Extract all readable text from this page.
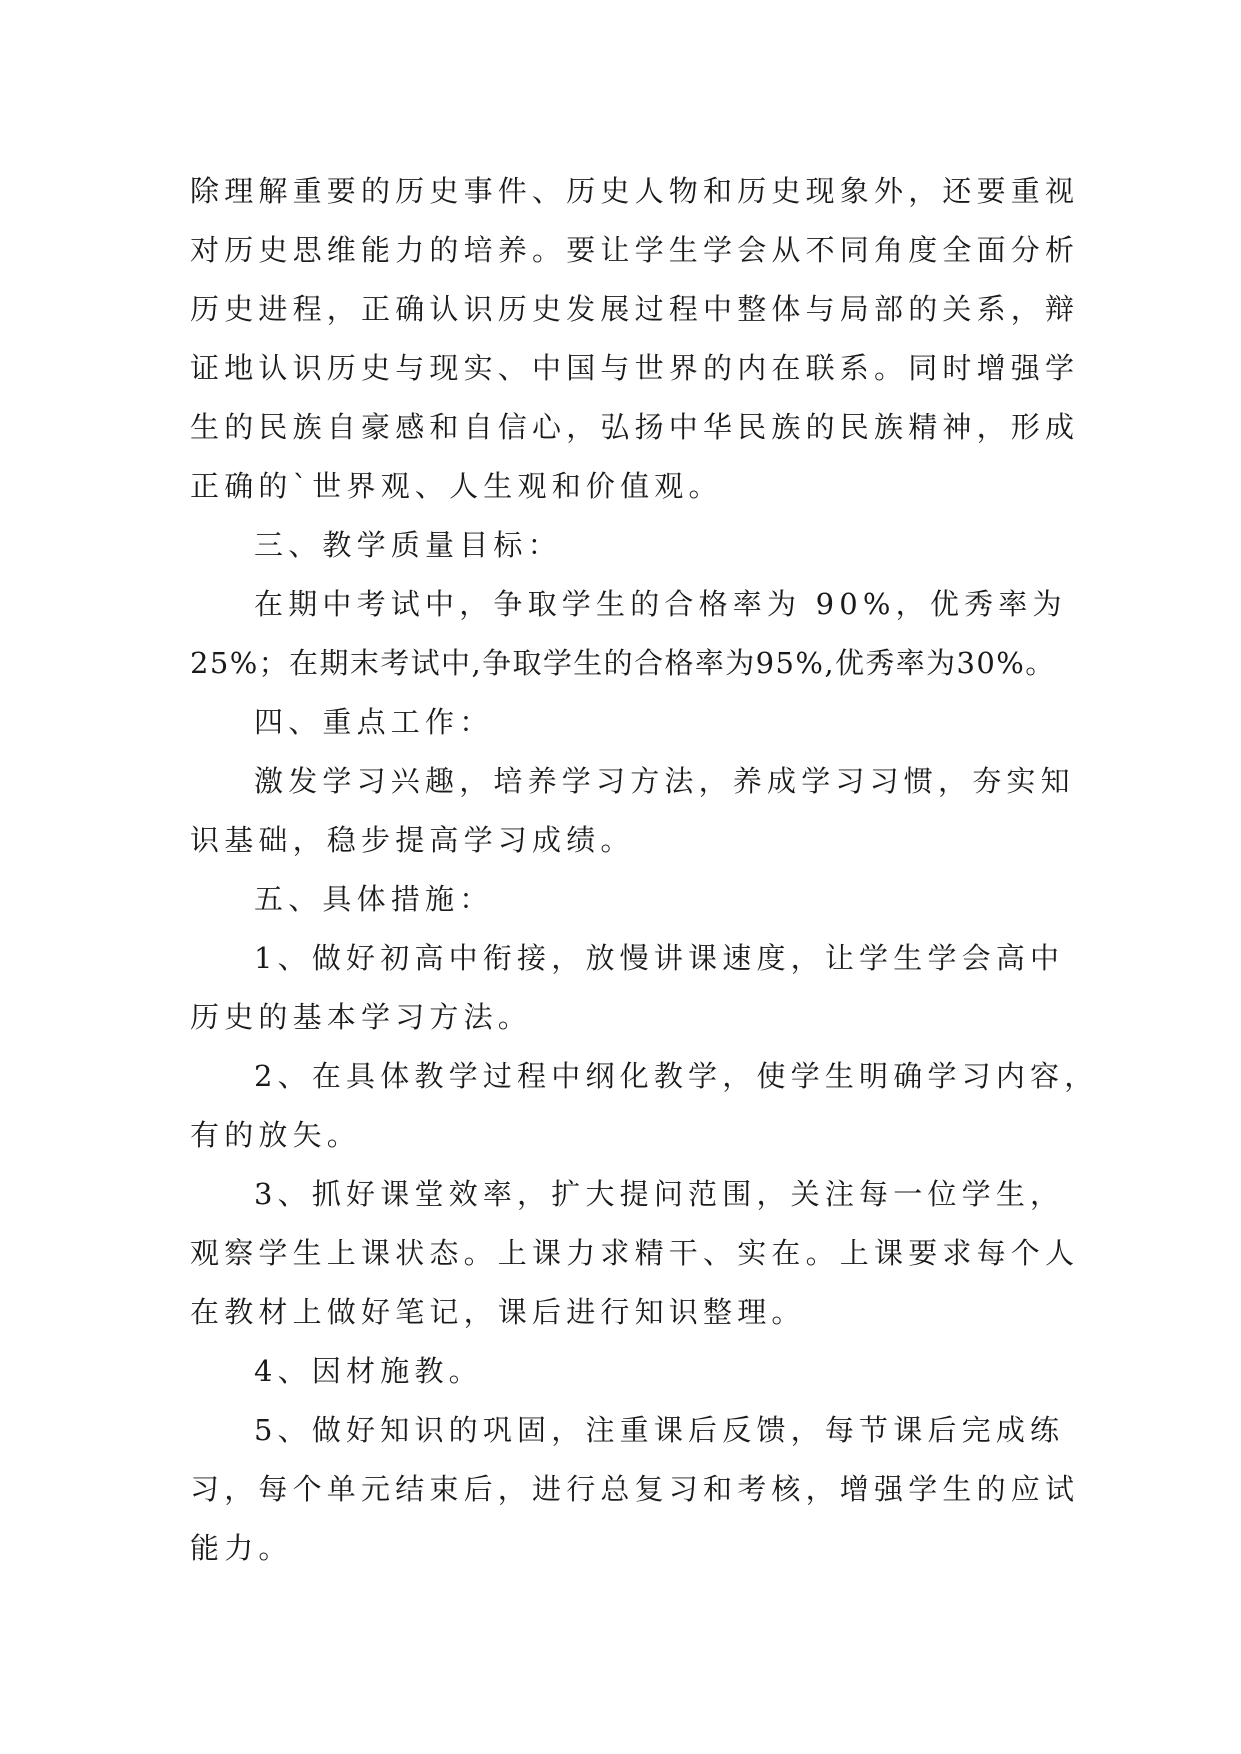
除理解重要的历史事件、历史人物和历史现象外，还要重视
对历史思维能力的培养。要让学生学会从不同角度全面分析
历史进程，正确认识历史发展过程中整体与局部的关系，辩
证地认识历史与现实、中国与世界的内在联系。同时增强学
生的民族自豪感和自信心，弘扬中华民族的民族精神，形成
正确的`世界观、人生观和价值观。
三、教学质量目标：
在期中考试中，争取学生的合格率为 90%，优秀率为
25%；在期末考试中,争取学生的合格率为95%,优秀率为30%。
四、重点工作：
激发学习兴趣，培养学习方法，养成学习习惯，夯实知
识基础，稳步提高学习成绩。
五、具体措施：
1、做好初高中衔接，放慢讲课速度，让学生学会高中
历史的基本学习方法。
2、在具体教学过程中纲化教学，使学生明确学习内容，
有的放矢。
3、抓好课堂效率，扩大提问范围，关注每一位学生，
观察学生上课状态。上课力求精干、实在。上课要求每个人
在教材上做好笔记，课后进行知识整理。
4、因材施教。
5、做好知识的巩固，注重课后反馈，每节课后完成练
习，每个单元结束后，进行总复习和考核，增强学生的应试
能力。
